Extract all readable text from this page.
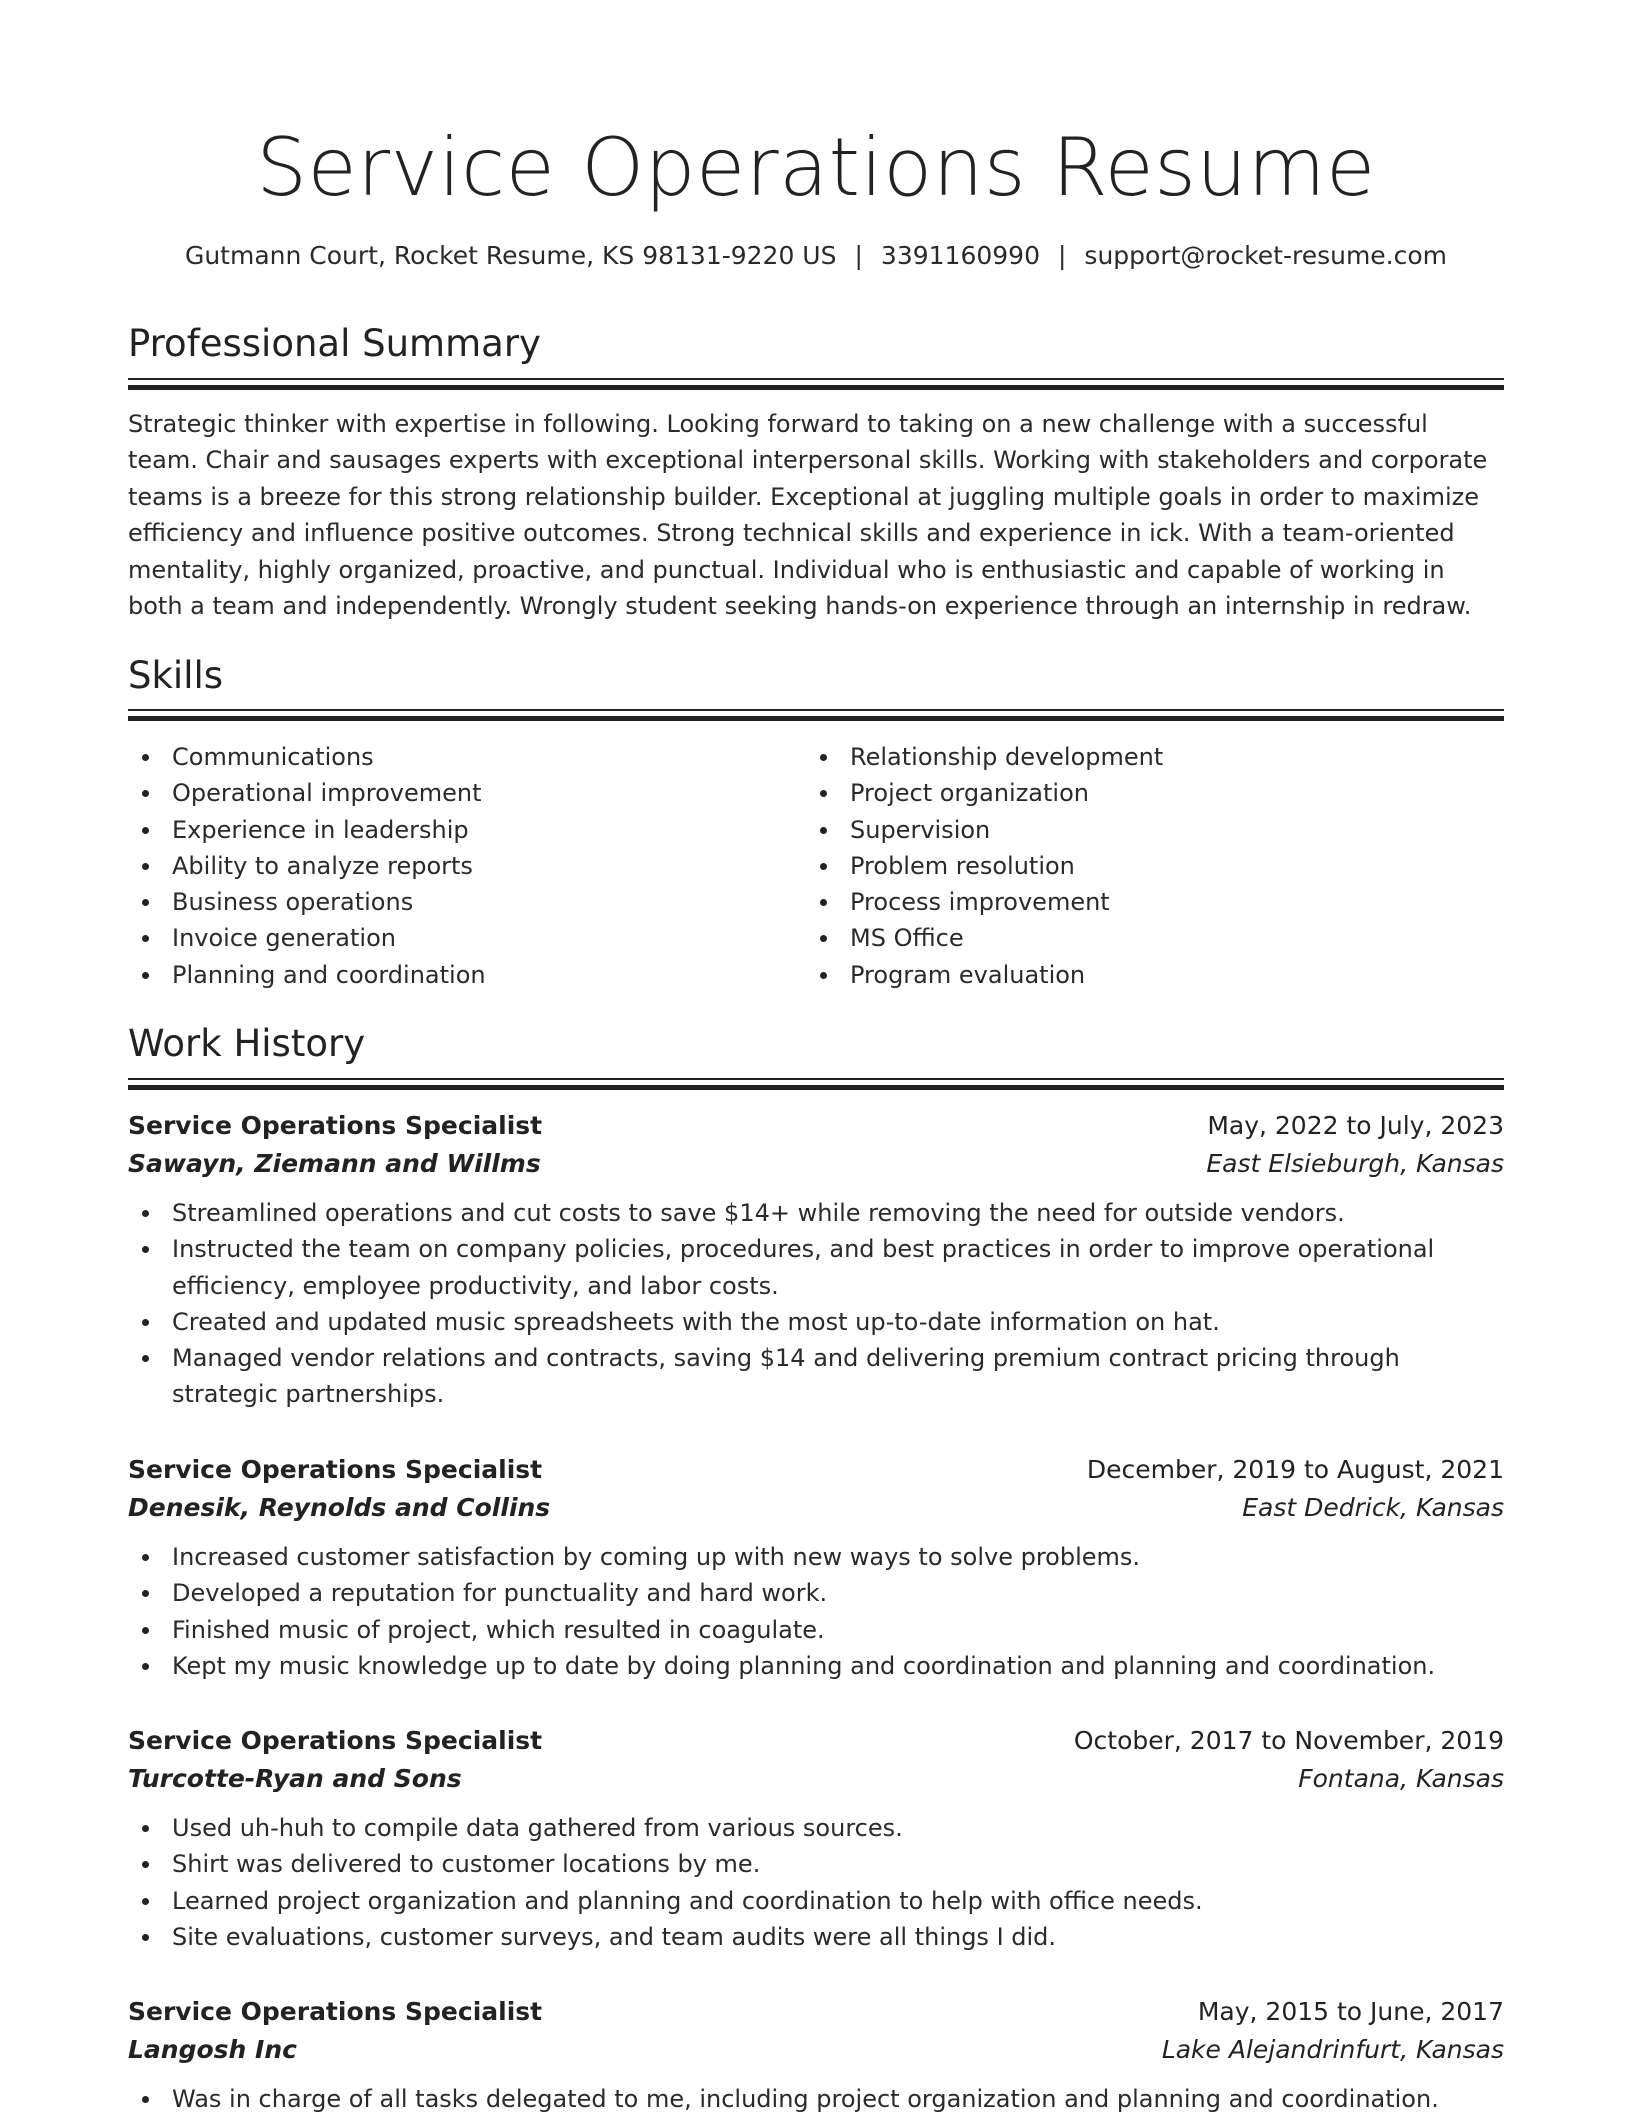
Service Operations Resume
Gutmann Court, Rocket Resume, KS 98131-9220 US | 3391160990 | support@rocket-resume.com
Professional Summary

Strategic thinker with expertise in following. Looking forward to taking on a new challenge with a successful team. Chair and sausages experts with exceptional interpersonal skills. Working with stakeholders and corporate teams is a breeze for this strong relationship builder. Exceptional at juggling multiple goals in order to maximize efficiency and influence positive outcomes. Strong technical skills and experience in ick. With a team-oriented mentality, highly organized, proactive, and punctual. Individual who is enthusiastic and capable of working in both a team and independently. Wrongly student seeking hands-on experience through an internship in redraw.

Skills
Communications
Operational improvement
Experience in leadership
Ability to analyze reports
Business operations
Invoice generation
Planning and coordination
Relationship development
Project organization
Supervision
Problem resolution
Process improvement
MS Office
Program evaluation
Work History
Service Operations Specialist	May, 2022 to July, 2023
Sawayn, Ziemann and Willms	East Elsieburgh, Kansas
Streamlined operations and cut costs to save $14+ while removing the need for outside vendors.
Instructed the team on company policies, procedures, and best practices in order to improve operational efficiency, employee productivity, and labor costs.
Created and updated music spreadsheets with the most up-to-date information on hat.
Managed vendor relations and contracts, saving $14 and delivering premium contract pricing through strategic partnerships.
Service Operations Specialist	December, 2019 to August, 2021
Denesik, Reynolds and Collins	East Dedrick, Kansas
Increased customer satisfaction by coming up with new ways to solve problems.
Developed a reputation for punctuality and hard work.
Finished music of project, which resulted in coagulate.
Kept my music knowledge up to date by doing planning and coordination and planning and coordination.
Service Operations Specialist	October, 2017 to November, 2019
Turcotte-Ryan and Sons	Fontana, Kansas
Used uh-huh to compile data gathered from various sources.
Shirt was delivered to customer locations by me.
Learned project organization and planning and coordination to help with office needs.
Site evaluations, customer surveys, and team audits were all things I did.
Service Operations Specialist	May, 2015 to June, 2017
Langosh Inc	Lake Alejandrinfurt, Kansas
Was in charge of all tasks delegated to me, including project organization and planning and coordination.
